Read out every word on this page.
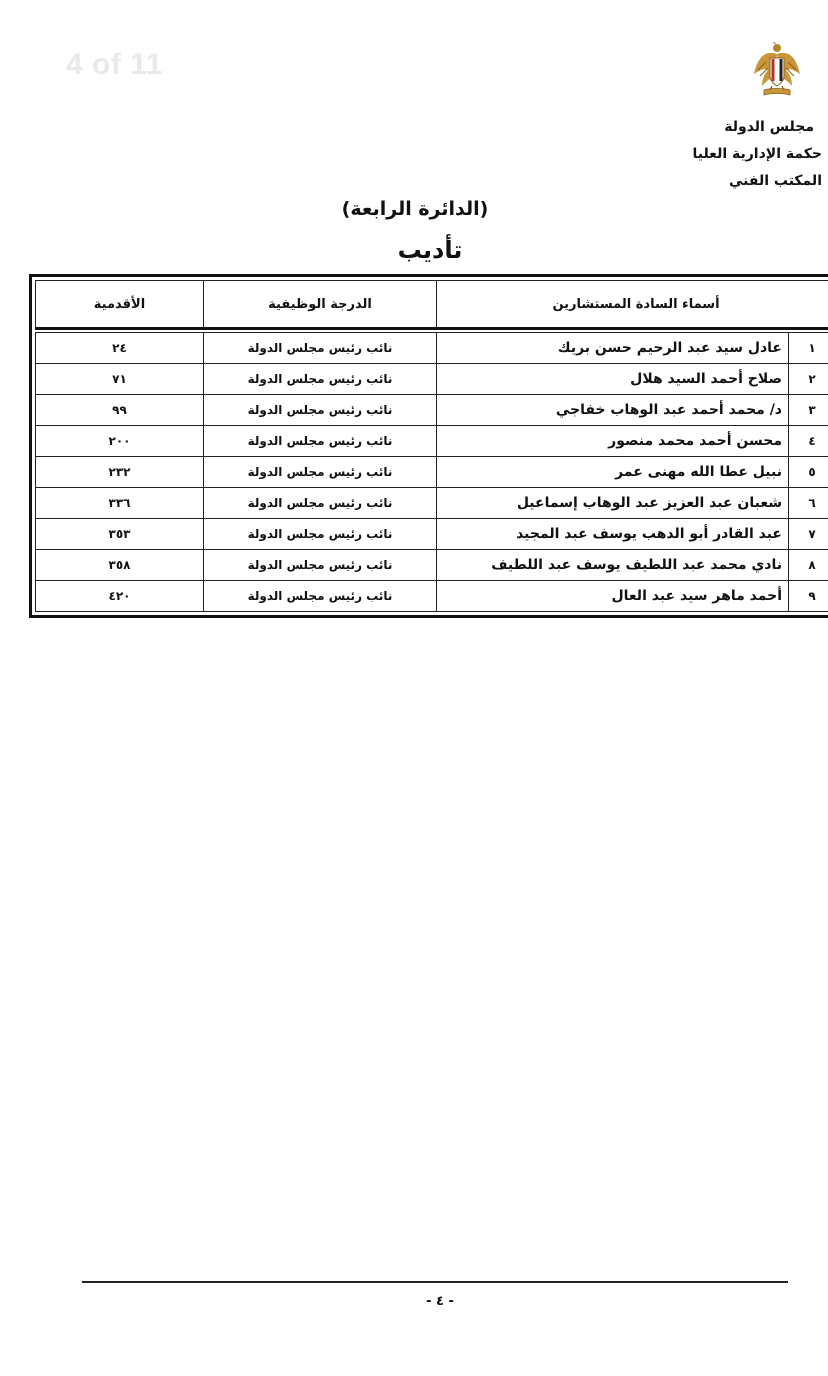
4 of 11
مجلس الدولة
حكمة الإدارية العليا
المكتب الفني
(الدائرة الرابعة)
تأديب
أسماء السادة المستشارين		الدرجة الوظيفية	الأقدمية

١	عادل سيد عبد الرحيم حسن بريك	نائب رئيس مجلس الدولة	٢٤
٢	صلاح أحمد السيد هلال	نائب رئيس مجلس الدولة	٧١
٣	د/ محمد أحمد عبد الوهاب خفاجي	نائب رئيس مجلس الدولة	٩٩
٤	محسن أحمد محمد منصور	نائب رئيس مجلس الدولة	٢٠٠
٥	نبيل عطا الله مهنى عمر	نائب رئيس مجلس الدولة	٢٣٢
٦	شعبان عبد العزيز عبد الوهاب إسماعيل	نائب رئيس مجلس الدولة	٣٣٦
٧	عبد القادر أبو الدهب يوسف عبد المجيد	نائب رئيس مجلس الدولة	٣٥٣
٨	نادي محمد عبد اللطيف يوسف عبد اللطيف	نائب رئيس مجلس الدولة	٣٥٨
٩	أحمد ماهر سيد عبد العال	نائب رئيس مجلس الدولة	٤٢٠
- ٤ -
